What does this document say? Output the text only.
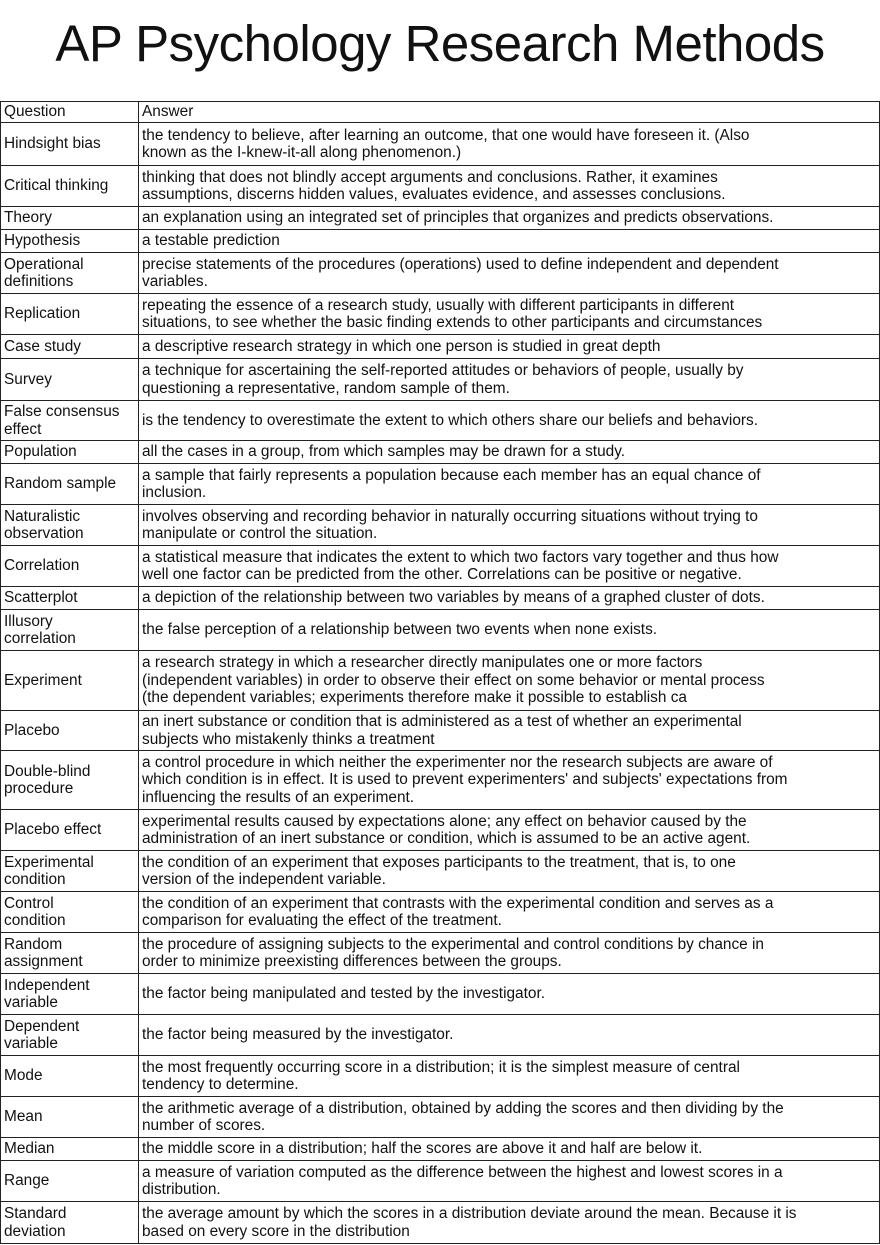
AP Psychology Research Methods
Question	Answer
Hindsight bias	the tendency to believe, after learning an outcome, that one would have foreseen it. (Also
known as the I-knew-it-all along phenomenon.)
Critical thinking	thinking that does not blindly accept arguments and conclusions. Rather, it examines
assumptions, discerns hidden values, evaluates evidence, and assesses conclusions.
Theory	an explanation using an integrated set of principles that organizes and predicts observations.
Hypothesis	a testable prediction
Operational
definitions	precise statements of the procedures (operations) used to define independent and dependent
variables.
Replication	repeating the essence of a research study, usually with different participants in different
situations, to see whether the basic finding extends to other participants and circumstances
Case study	a descriptive research strategy in which one person is studied in great depth
Survey	a technique for ascertaining the self-reported attitudes or behaviors of people, usually by
questioning a representative, random sample of them.
False consensus
effect	is the tendency to overestimate the extent to which others share our beliefs and behaviors.
Population	all the cases in a group, from which samples may be drawn for a study.
Random sample	a sample that fairly represents a population because each member has an equal chance of
inclusion.
Naturalistic
observation	involves observing and recording behavior in naturally occurring situations without trying to
manipulate or control the situation.
Correlation	a statistical measure that indicates the extent to which two factors vary together and thus how
well one factor can be predicted from the other. Correlations can be positive or negative.
Scatterplot	a depiction of the relationship between two variables by means of a graphed cluster of dots.
Illusory
correlation	the false perception of a relationship between two events when none exists.
Experiment	a research strategy in which a researcher directly manipulates one or more factors
(independent variables) in order to observe their effect on some behavior or mental process
(the dependent variables; experiments therefore make it possible to establish ca
Placebo	an inert substance or condition that is administered as a test of whether an experimental
subjects who mistakenly thinks a treatment
Double-blind
procedure	a control procedure in which neither the experimenter nor the research subjects are aware of
which condition is in effect. It is used to prevent experimenters' and subjects' expectations from
influencing the results of an experiment.
Placebo effect	experimental results caused by expectations alone; any effect on behavior caused by the
administration of an inert substance or condition, which is assumed to be an active agent.
Experimental
condition	the condition of an experiment that exposes participants to the treatment, that is, to one
version of the independent variable.
Control
condition	the condition of an experiment that contrasts with the experimental condition and serves as a
comparison for evaluating the effect of the treatment.
Random
assignment	the procedure of assigning subjects to the experimental and control conditions by chance in
order to minimize preexisting differences between the groups.
Independent
variable	the factor being manipulated and tested by the investigator.
Dependent
variable	the factor being measured by the investigator.
Mode	the most frequently occurring score in a distribution; it is the simplest measure of central
tendency to determine.
Mean	the arithmetic average of a distribution, obtained by adding the scores and then dividing by the
number of scores.
Median	the middle score in a distribution; half the scores are above it and half are below it.
Range	a measure of variation computed as the difference between the highest and lowest scores in a
distribution.
Standard
deviation	the average amount by which the scores in a distribution deviate around the mean. Because it is
based on every score in the distribution
